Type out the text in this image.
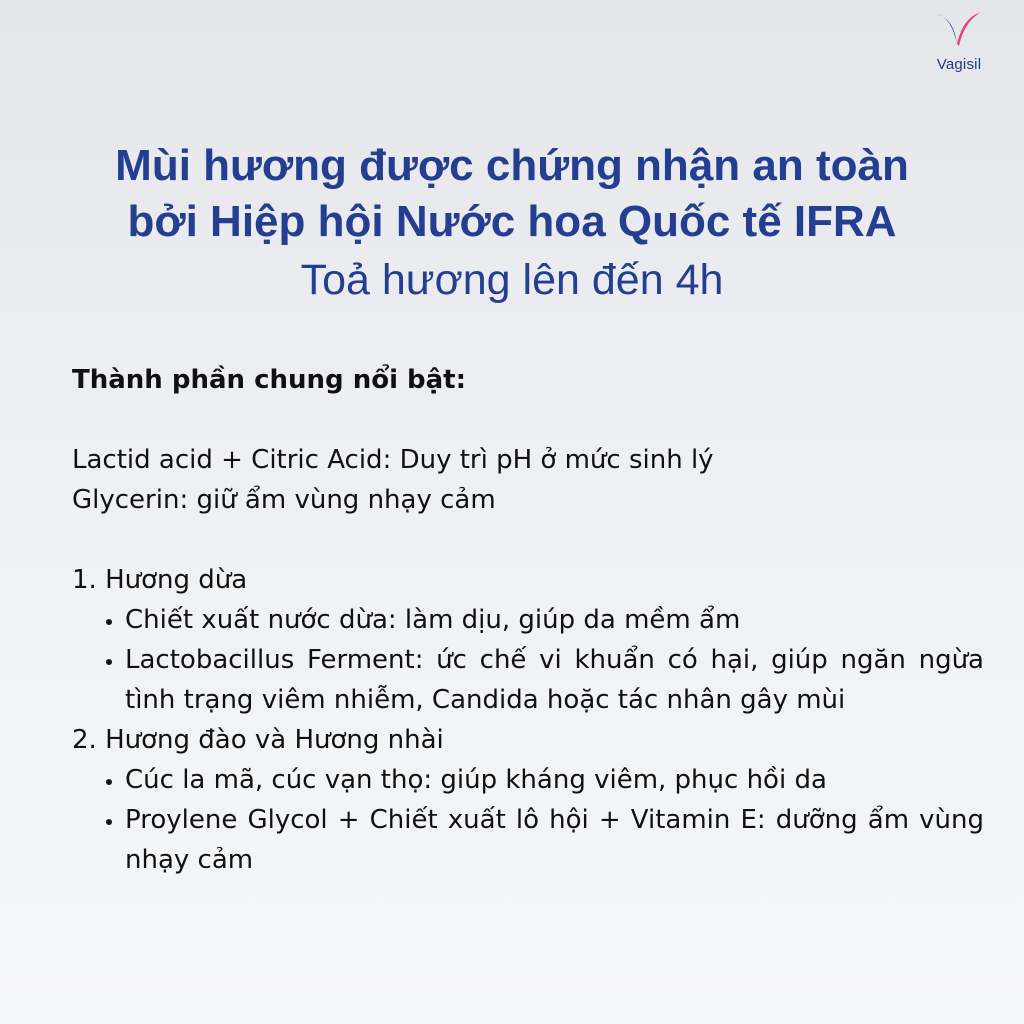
Vagisil
Mùi hương được chứng nhận an toàn
bởi Hiệp hội Nước hoa Quốc tế IFRA
Toả hương lên đến 4h
Thành phần chung nổi bật:
Lactid acid + Citric Acid: Duy trì pH ở mức sinh lý
Glycerin: giữ ẩm vùng nhạy cảm
1. Hương dừa
• Chiết xuất nước dừa: làm dịu, giúp da mềm ẩm
• Lactobacillus Ferment: ức chế vi khuẩn có hại, giúp ngăn ngừa tình trạng viêm nhiễm, Candida hoặc tác nhân gây mùi
2. Hương đào và Hương nhài
• Cúc la mã, cúc vạn thọ: giúp kháng viêm, phục hồi da
• Proylene Glycol + Chiết xuất lô hội + Vitamin E: dưỡng ẩm vùng nhạy cảm
